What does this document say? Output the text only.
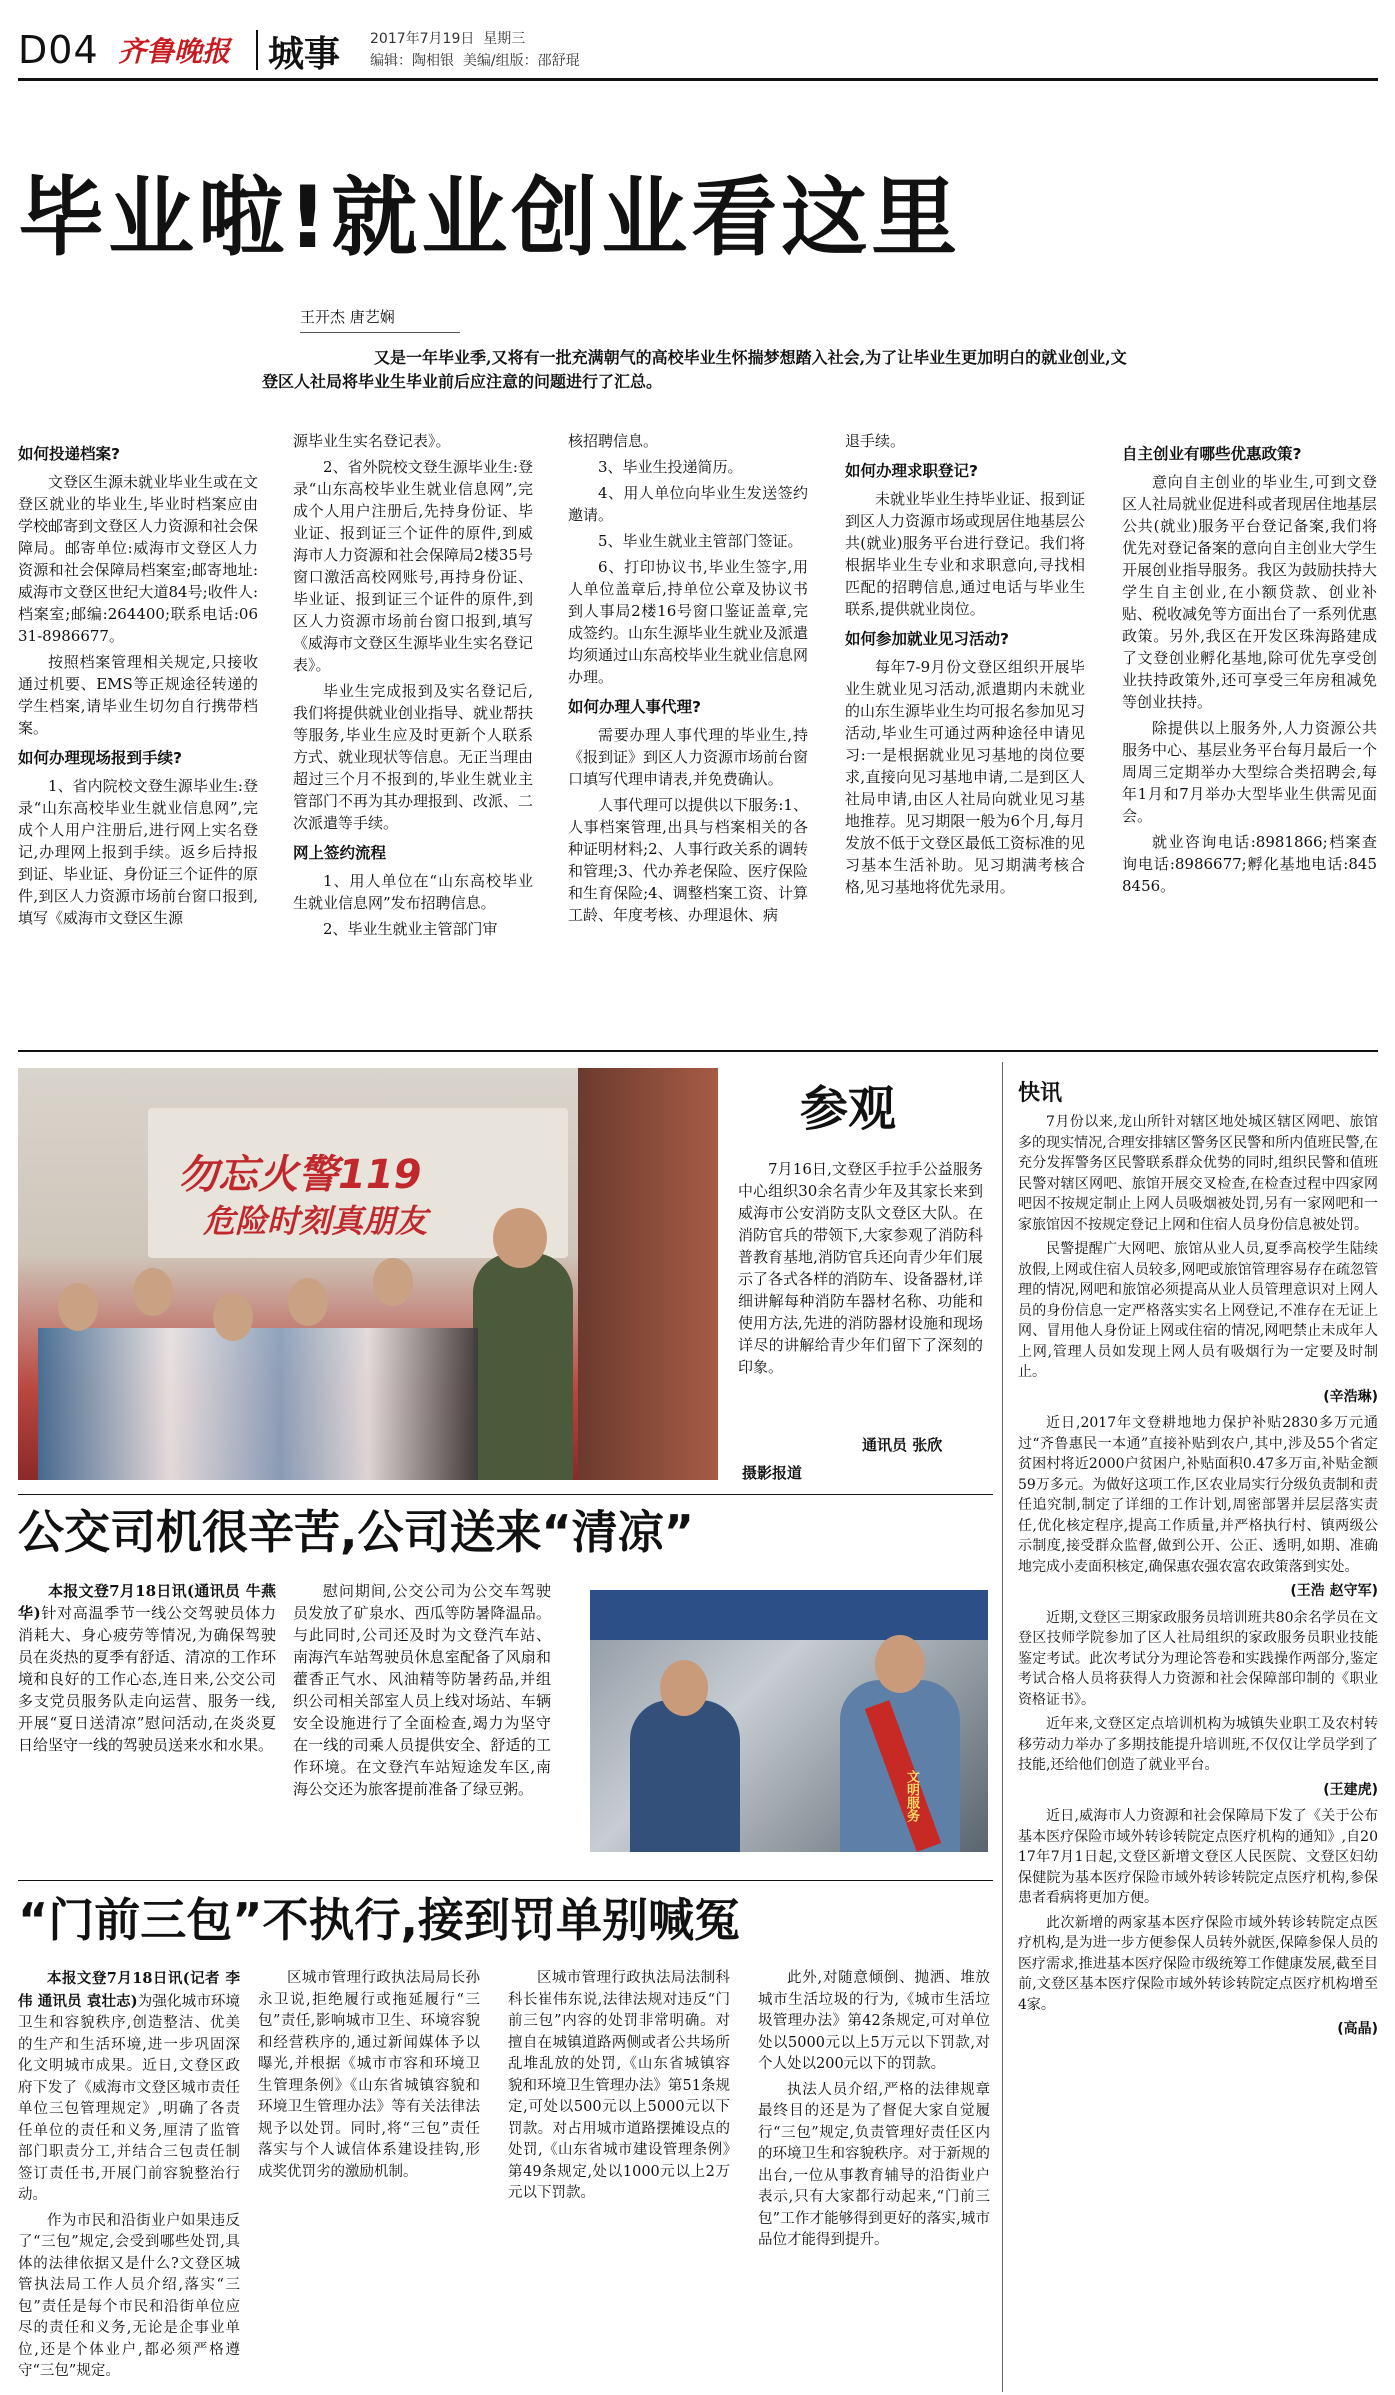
D04 齐鲁晚报 城事 2017年7月19日 星期三
编辑：陶相银 美编/组版：邵舒琨
毕业啦!就业创业看这里
王开杰 唐艺娴
又是一年毕业季,又将有一批充满朝气的高校毕业生怀揣梦想踏入社会,为了让毕业生更加明白的就业创业,文登区人社局将毕业生毕业前后应注意的问题进行了汇总。
如何投递档案?

文登区生源未就业毕业生或在文登区就业的毕业生,毕业时档案应由学校邮寄到文登区人力资源和社会保障局。邮寄单位:威海市文登区人力资源和社会保障局档案室;邮寄地址:威海市文登区世纪大道84号;收件人:档案室;邮编:264400;联系电话:0631-8986677。

按照档案管理相关规定,只接收通过机要、EMS等正规途径转递的学生档案,请毕业生切勿自行携带档案。

如何办理现场报到手续?

1、省内院校文登生源毕业生:登录“山东高校毕业生就业信息网”,完成个人用户注册后,进行网上实名登记,办理网上报到手续。返乡后持报到证、毕业证、身份证三个证件的原件,到区人力资源市场前台窗口报到,填写《威海市文登区生源

源毕业生实名登记表》。

2、省外院校文登生源毕业生:登录“山东高校毕业生就业信息网”,完成个人用户注册后,先持身份证、毕业证、报到证三个证件的原件,到威海市人力资源和社会保障局2楼35号窗口激活高校网账号,再持身份证、毕业证、报到证三个证件的原件,到区人力资源市场前台窗口报到,填写《威海市文登区生源毕业生实名登记表》。

毕业生完成报到及实名登记后,我们将提供就业创业指导、就业帮扶等服务,毕业生应及时更新个人联系方式、就业现状等信息。无正当理由超过三个月不报到的,毕业生就业主管部门不再为其办理报到、改派、二次派遣等手续。

网上签约流程

1、用人单位在“山东高校毕业生就业信息网”发布招聘信息。

2、毕业生就业主管部门审

核招聘信息。

3、毕业生投递简历。

4、用人单位向毕业生发送签约邀请。

5、毕业生就业主管部门签证。

6、打印协议书,毕业生签字,用人单位盖章后,持单位公章及协议书到人事局2楼16号窗口鉴证盖章,完成签约。山东生源毕业生就业及派遣均须通过山东高校毕业生就业信息网办理。

如何办理人事代理?

需要办理人事代理的毕业生,持《报到证》到区人力资源市场前台窗口填写代理申请表,并免费确认。

人事代理可以提供以下服务:1、人事档案管理,出具与档案相关的各种证明材料;2、人事行政关系的调转和管理;3、代办养老保险、医疗保险和生育保险;4、调整档案工资、计算工龄、年度考核、办理退休、病

退手续。

如何办理求职登记?

未就业毕业生持毕业证、报到证到区人力资源市场或现居住地基层公共(就业)服务平台进行登记。我们将根据毕业生专业和求职意向,寻找相匹配的招聘信息,通过电话与毕业生联系,提供就业岗位。

如何参加就业见习活动?

每年7-9月份文登区组织开展毕业生就业见习活动,派遣期内未就业的山东生源毕业生均可报名参加见习活动,毕业生可通过两种途径申请见习:一是根据就业见习基地的岗位要求,直接向见习基地申请,二是到区人社局申请,由区人社局向就业见习基地推荐。见习期限一般为6个月,每月发放不低于文登区最低工资标准的见习基本生活补助。见习期满考核合格,见习基地将优先录用。

自主创业有哪些优惠政策?

意向自主创业的毕业生,可到文登区人社局就业促进科或者现居住地基层公共(就业)服务平台登记备案,我们将优先对登记备案的意向自主创业大学生开展创业指导服务。我区为鼓励扶持大学生自主创业,在小额贷款、创业补贴、税收减免等方面出台了一系列优惠政策。另外,我区在开发区珠海路建成了文登创业孵化基地,除可优先享受创业扶持政策外,还可享受三年房租减免等创业扶持。

除提供以上服务外,人力资源公共服务中心、基层业务平台每月最后一个周周三定期举办大型综合类招聘会,每年1月和7月举办大型毕业生供需见面会。

就业咨询电话:8981866;档案查询电话:8986677;孵化基地电话:8458456。

勿忘火警119
危险时刻真朋友
参观

7月16日,文登区手拉手公益服务中心组织30余名青少年及其家长来到威海市公安消防支队文登区大队。在消防官兵的带领下,大家参观了消防科普教育基地,消防官兵还向青少年们展示了各式各样的消防车、设备器材,详细讲解每种消防车器材名称、功能和使用方法,先进的消防器材设施和现场详尽的讲解给青少年们留下了深刻的印象。

通讯员 张欣
摄影报道
公交司机很辛苦,公司送来“清凉”

本报文登7月18日讯(通讯员 牛燕华)针对高温季节一线公交驾驶员体力消耗大、身心疲劳等情况,为确保驾驶员在炎热的夏季有舒适、清凉的工作环境和良好的工作心态,连日来,公交公司多支党员服务队走向运营、服务一线,开展“夏日送清凉”慰问活动,在炎炎夏日给坚守一线的驾驶员送来水和水果。

慰问期间,公交公司为公交车驾驶员发放了矿泉水、西瓜等防暑降温品。与此同时,公司还及时为文登汽车站、南海汽车站驾驶员休息室配备了风扇和藿香正气水、风油精等防暑药品,并组织公司相关部室人员上线对场站、车辆安全设施进行了全面检查,竭力为坚守在一线的司乘人员提供安全、舒适的工作环境。在文登汽车站短途发车区,南海公交还为旅客提前准备了绿豆粥。	文明服务
“门前三包”不执行,接到罚单别喊冤

本报文登7月18日讯(记者 李伟 通讯员 袁壮志)为强化城市环境卫生和容貌秩序,创造整洁、优美的生产和生活环境,进一步巩固深化文明城市成果。近日,文登区政府下发了《威海市文登区城市责任单位三包管理规定》,明确了各责任单位的责任和义务,厘清了监管部门职责分工,并结合三包责任制签订责任书,开展门前容貌整治行动。

作为市民和沿街业户如果违反了“三包”规定,会受到哪些处罚,具体的法律依据又是什么?文登区城管执法局工作人员介绍,落实“三包”责任是每个市民和沿街单位应尽的责任和义务,无论是企事业单位,还是个体业户,都必须严格遵守“三包”规定。

区城市管理行政执法局局长孙永卫说,拒绝履行或拖延履行“三包”责任,影响城市卫生、环境容貌和经营秩序的,通过新闻媒体予以曝光,并根据《城市市容和环境卫生管理条例》《山东省城镇容貌和环境卫生管理办法》等有关法律法规予以处罚。同时,将“三包”责任落实与个人诚信体系建设挂钩,形成奖优罚劣的激励机制。

区城市管理行政执法局法制科科长崔伟东说,法律法规对违反“门前三包”内容的处罚非常明确。对擅自在城镇道路两侧或者公共场所乱堆乱放的处罚,《山东省城镇容貌和环境卫生管理办法》第51条规定,可处以500元以上5000元以下罚款。对占用城市道路摆摊设点的处罚,《山东省城市建设管理条例》第49条规定,处以1000元以上2万元以下罚款。

此外,对随意倾倒、抛洒、堆放城市生活垃圾的行为,《城市生活垃圾管理办法》第42条规定,可对单位处以5000元以上5万元以下罚款,对个人处以200元以下的罚款。

执法人员介绍,严格的法律规章最终目的还是为了督促大家自觉履行“三包”规定,负责管理好责任区内的环境卫生和容貌秩序。对于新规的出台,一位从事教育辅导的沿街业户表示,只有大家都行动起来,“门前三包”工作才能够得到更好的落实,城市品位才能得到提升。

快讯

7月份以来,龙山所针对辖区地处城区辖区网吧、旅馆多的现实情况,合理安排辖区警务区民警和所内值班民警,在充分发挥警务区民警联系群众优势的同时,组织民警和值班民警对辖区网吧、旅馆开展交叉检查,在检查过程中四家网吧因不按规定制止上网人员吸烟被处罚,另有一家网吧和一家旅馆因不按规定登记上网和住宿人员身份信息被处罚。

民警提醒广大网吧、旅馆从业人员,夏季高校学生陆续放假,上网或住宿人员较多,网吧或旅馆管理容易存在疏忽管理的情况,网吧和旅馆必须提高从业人员管理意识对上网人员的身份信息一定严格落实实名上网登记,不准存在无证上网、冒用他人身份证上网或住宿的情况,网吧禁止未成年人上网,管理人员如发现上网人员有吸烟行为一定要及时制止。

(辛浩琳)

近日,2017年文登耕地地力保护补贴2830多万元通过“齐鲁惠民一本通”直接补贴到农户,其中,涉及55个省定贫困村将近2000户贫困户,补贴面积0.47多万亩,补贴金额59万多元。为做好这项工作,区农业局实行分级负责制和责任追究制,制定了详细的工作计划,周密部署并层层落实责任,优化核定程序,提高工作质量,并严格执行村、镇两级公示制度,接受群众监督,做到公开、公正、透明,如期、准确地完成小麦面积核定,确保惠农强农富农政策落到实处。

(王浩 赵守军)

近期,文登区三期家政服务员培训班共80余名学员在文登区技师学院参加了区人社局组织的家政服务员职业技能鉴定考试。此次考试分为理论答卷和实践操作两部分,鉴定考试合格人员将获得人力资源和社会保障部印制的《职业资格证书》。

近年来,文登区定点培训机构为城镇失业职工及农村转移劳动力举办了多期技能提升培训班,不仅仅让学员学到了技能,还给他们创造了就业平台。

(王建虎)

近日,威海市人力资源和社会保障局下发了《关于公布基本医疗保险市域外转诊转院定点医疗机构的通知》,自2017年7月1日起,文登区新增文登区人民医院、文登区妇幼保健院为基本医疗保险市域外转诊转院定点医疗机构,参保患者看病将更加方便。

此次新增的两家基本医疗保险市域外转诊转院定点医疗机构,是为进一步方便参保人员转外就医,保障参保人员的医疗需求,推进基本医疗保险市级统筹工作健康发展,截至目前,文登区基本医疗保险市域外转诊转院定点医疗机构增至4家。

(高晶)
